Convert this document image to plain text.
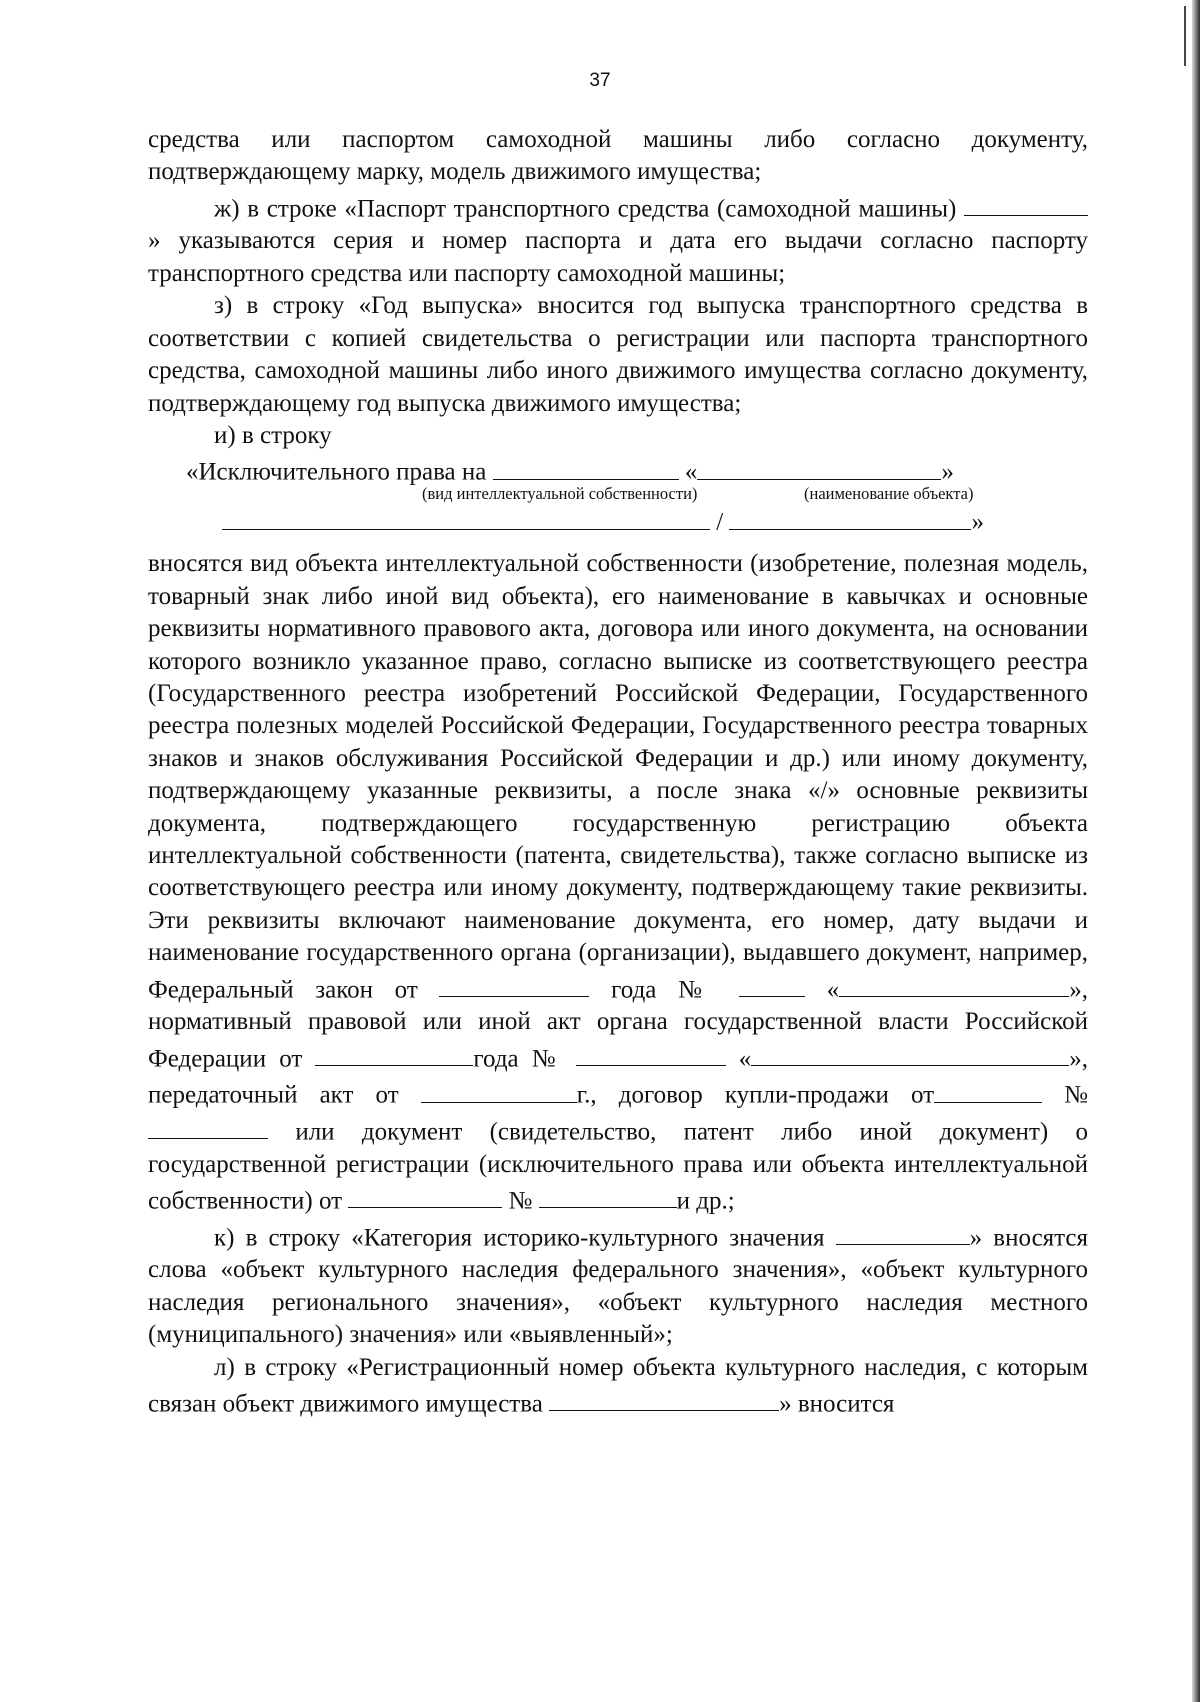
37

средства или паспортом самоходной машины либо согласно документу, подтверждающему марку, модель движимого имущества;

ж) в строке «Паспорт транспортного средства (самоходной машины) » указываются серия и номер паспорта и дата его выдачи согласно паспорту транспортного средства или паспорту самоходной машины;

з) в строку «Год выпуска» вносится год выпуска транспортного средства в соответствии с копией свидетельства о регистрации или паспорта транспортного средства, самоходной машины либо иного движимого имущества согласно документу, подтверждающему год выпуска движимого имущества;

и) в строку

«Исключительного права на	«	»
(вид интеллектуальной собственности)	(наименование объекта)
/	»

вносятся вид объекта интеллектуальной собственности (изобретение, полезная модель, товарный знак либо иной вид объекта), его наименование в кавычках и основные реквизиты нормативного правового акта, договора или иного документа, на основании которого возникло указанное право, согласно выписке из соответствующего реестра (Государственного реестра изобретений Российской Федерации, Государственного реестра полезных моделей Российской Федерации, Государственного реестра товарных знаков и знаков обслуживания Российской Федерации и др.) или иному документу, подтверждающему указанные реквизиты, а после знака «/» основные реквизиты документа, подтверждающего государственную регистрацию объекта интеллектуальной собственности (патента, свидетельства), также согласно выписке из соответствующего реестра или иному документу, подтверждающему такие реквизиты. Эти реквизиты включают наименование документа, его номер, дату выдачи и наименование государственного органа (организации), выдавшего документ, например, Федеральный закон от	года №	«	», нормативный правовой или иной акт органа государственной власти Российской Федерации от	года №	«	», передаточный акт от	г., договор купли-продажи от	№ или документ (свидетельство, патент либо иной документ) о государственной регистрации (исключительного права или объекта интеллектуальной собственности) от	№	и др.;

к) в строку «Категория историко-культурного значения	» вносятся слова «объект культурного наследия федерального значения», «объект культурного наследия регионального значения», «объект культурного наследия местного (муниципального) значения» или «выявленный»;

л) в строку «Регистрационный номер объекта культурного наследия, с которым связан объект движимого имущества	» вносится
